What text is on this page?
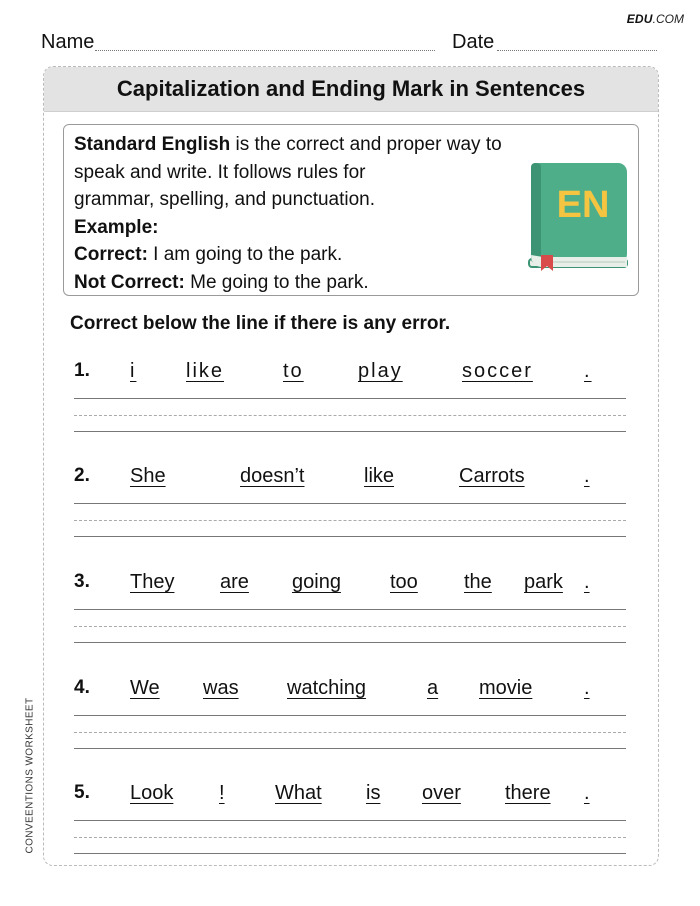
EDU.COM
Name	Date
CONVEENTIONS WORKSHEET
Capitalization and Ending Mark in Sentences
Standard English is the correct and proper way to
speak and write. It follows rules for
grammar, spelling, and punctuation.
Example:
Correct: I am going to the park.
Not Correct: Me going to the park.
EN
Correct below the line if there is any error.
1. i like	to	play	soccer	.
2. She	doesn’t	like	Carrots	.
3. They are going too the park .
4. We was watching	a movie	.
5. Look !	What is over there .
